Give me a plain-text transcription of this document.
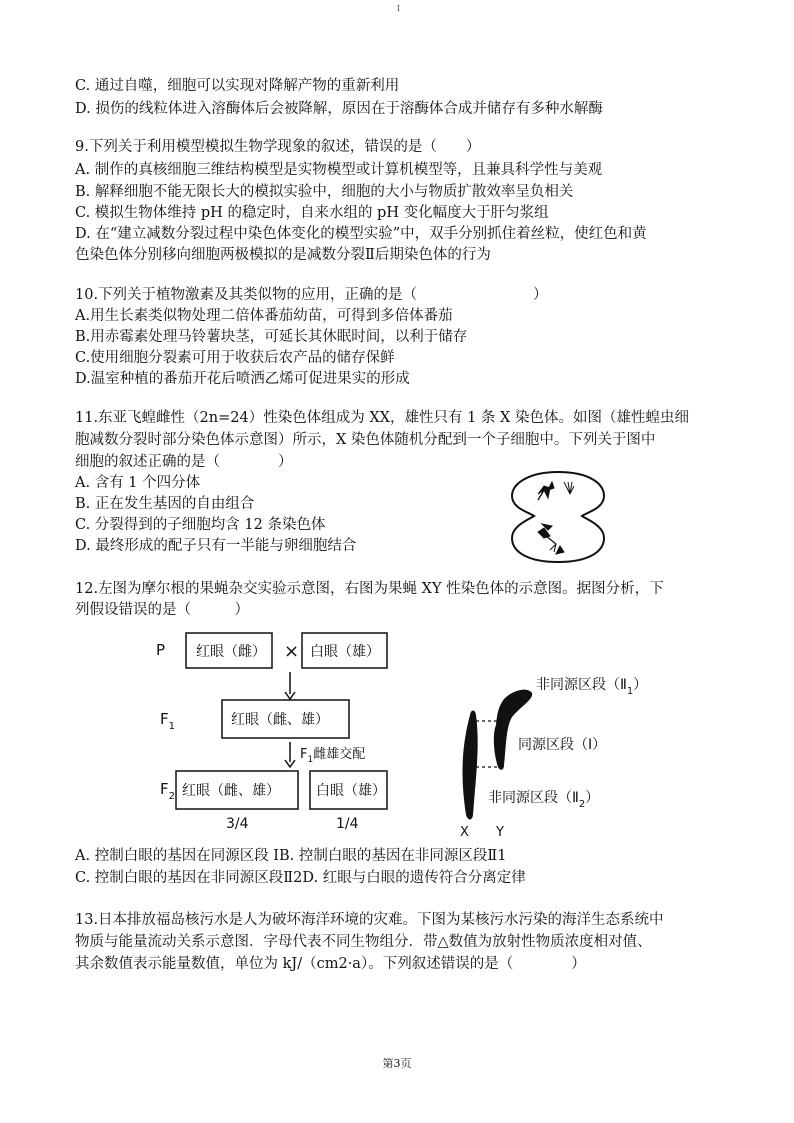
I
C. 通过自噬，细胞可以实现对降解产物的重新利用
D. 损伤的线粒体进入溶酶体后会被降解，原因在于溶酶体合成并储存有多种水解酶
9.下列关于利用模型模拟生物学现象的叙述，错误的是（　　）
A. 制作的真核细胞三维结构模型是实物模型或计算机模型等，且兼具科学性与美观
B. 解释细胞不能无限长大的模拟实验中，细胞的大小与物质扩散效率呈负相关
C. 模拟生物体维持 pH 的稳定时，自来水组的 pH 变化幅度大于肝匀浆组
D. 在“建立减数分裂过程中染色体变化的模型实验”中，双手分别抓住着丝粒，使红色和黄
色染色体分别移向细胞两极模拟的是减数分裂Ⅱ后期染色体的行为
10.下列关于植物激素及其类似物的应用，正确的是（　　　　　　　　）
A.用生长素类似物处理二倍体番茄幼苗，可得到多倍体番茄
B.用赤霉素处理马铃薯块茎，可延长其休眠时间，以利于储存
C.使用细胞分裂素可用于收获后农产品的储存保鲜
D.温室种植的番茄开花后喷洒乙烯可促进果实的形成
11.东亚飞蝗雌性（2n=24）性染色体组成为 XX，雄性只有 1 条 X 染色体。如图（雄性蝗虫细
胞减数分裂时部分染色体示意图）所示，X 染色体随机分配到一个子细胞中。下列关于图中
细胞的叙述正确的是（　　　　）
A. 含有 1 个四分体
B. 正在发生基因的自由组合
C. 分裂得到的子细胞均含 12 条染色体
D. 最终形成的配子只有一半能与卵细胞结合
12.左图为摩尔根的果蝇杂交实验示意图，右图为果蝇 XY 性染色体的示意图。据图分析，下
列假设错误的是（　　　）
P 红眼（雌） × 白眼（雄）
$F_1$	红眼（雌、雄）
$F_1$雌雄交配
$F_2$ 红眼（雌、雄）	白眼（雄）
3/4	1/4
非同源区段$(Ⅱ_1)$
同源区段（Ⅰ）
非同源区段$(Ⅱ_2)$
X Y
A. 控制白眼的基因在同源区段 IB. 控制白眼的基因在非同源区段Ⅱ1
C. 控制白眼的基因在非同源区段Ⅱ2D. 红眼与白眼的遗传符合分离定律
13.日本排放福岛核污水是人为破坏海洋环境的灾难。下图为某核污水污染的海洋生态系统中
物质与能量流动关系示意图．字母代表不同生物组分．带△数值为放射性物质浓度相对值、
其余数值表示能量数值，单位为 kJ/（cm2·a）。下列叙述错误的是（　　　　）
第3页
